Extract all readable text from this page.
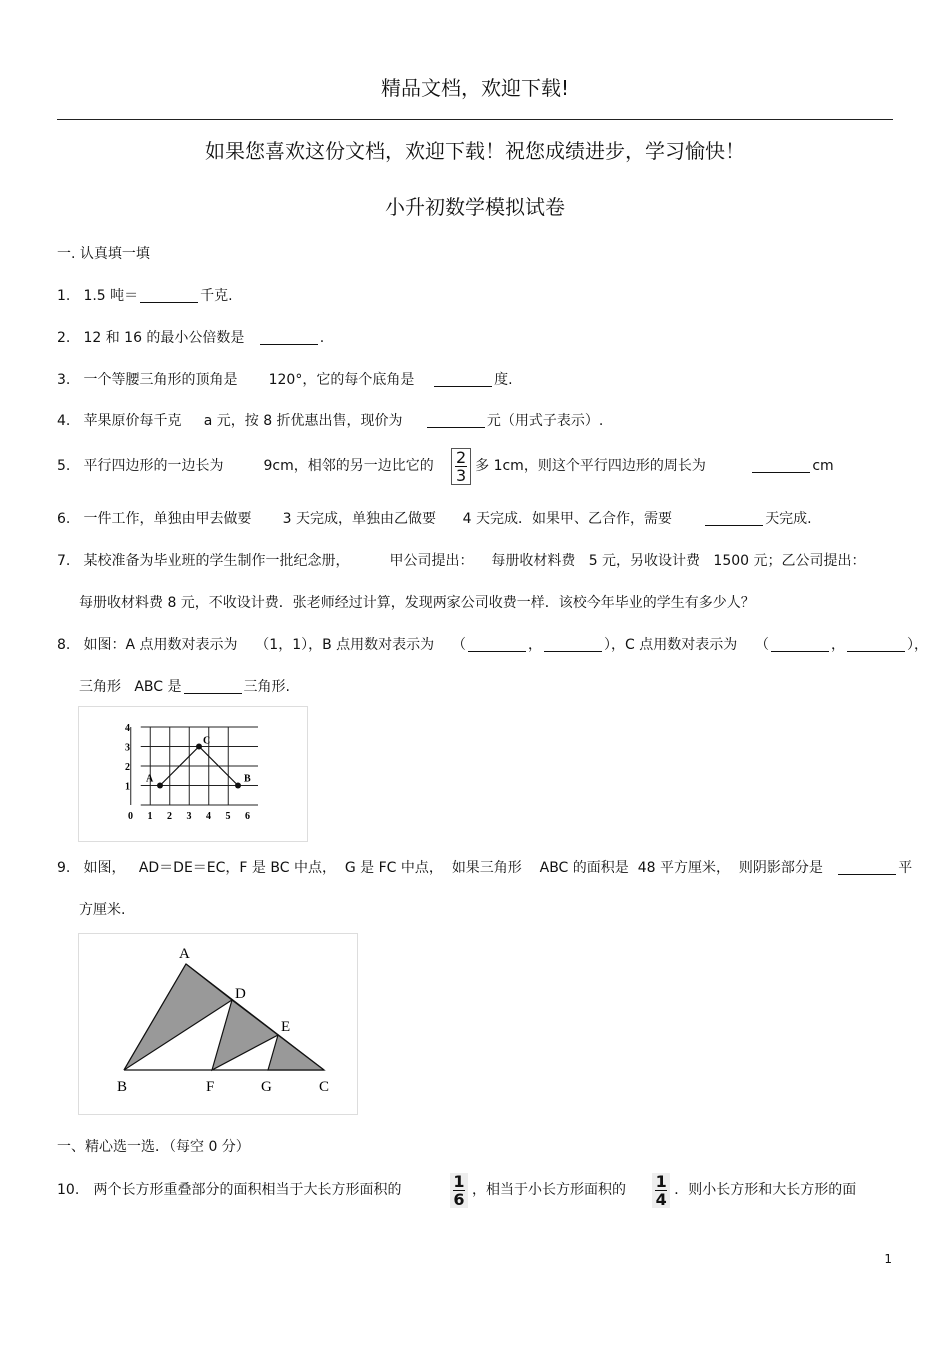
精品文档，欢迎下载!
如果您喜欢这份文档，欢迎下载！祝您成绩进步，学习愉快！
小升初数学模拟试卷
一. 认真填一填
1. 1.5 吨＝	千克.
2. 12 和 16 的最小公倍数是	.
3. 一个等腰三角形的顶角是 120°，它的每个底角是	度.
4. 苹果原价每千克 a 元，按 8 折优惠出售，现价为	元（用式子表示）.
5. 平行四边形的一边长为	9cm，相邻的另一边比它的 $\frac{2}{3}$ 多 1cm，则这个平行四边形的周长为	cm
6. 一件工作，单独由甲去做要 3 天完成，单独由乙做要 4 天完成．如果甲、乙合作，需要	天完成.
7. 某校准备为毕业班的学生制作一批纪念册，	甲公司提出： 每册收材料费 5 元，另收设计费 1500 元；乙公司提出：
每册收材料费 8 元，不收设计费．张老师经过计算，发现两家公司收费一样．该校今年毕业的学生有多少人？
8. 如图：A 点用数对表示为 （1，1），B 点用数对表示为 （	，	），C 点用数对表示为 （	，	），
三角形 ABC 是	三角形.
A
C
B
0 1 2 3 4 5 6
1
2
3
4
9. 如图， AD＝DE＝EC，F 是 BC 中点， G 是 FC 中点， 如果三角形 ABC 的面积是 48 平方厘米， 则阴影部分是	平
方厘米.
A
D
E
B	F	G	C
一、精心选一选．（每空 0 分）
10. 两个长方形重叠部分的面积相当于大长方形面积的	$\frac{1}{6}$ ，相当于小长方形面积的 $\frac{1}{4}$ ．则小长方形和大长方形的面
1
